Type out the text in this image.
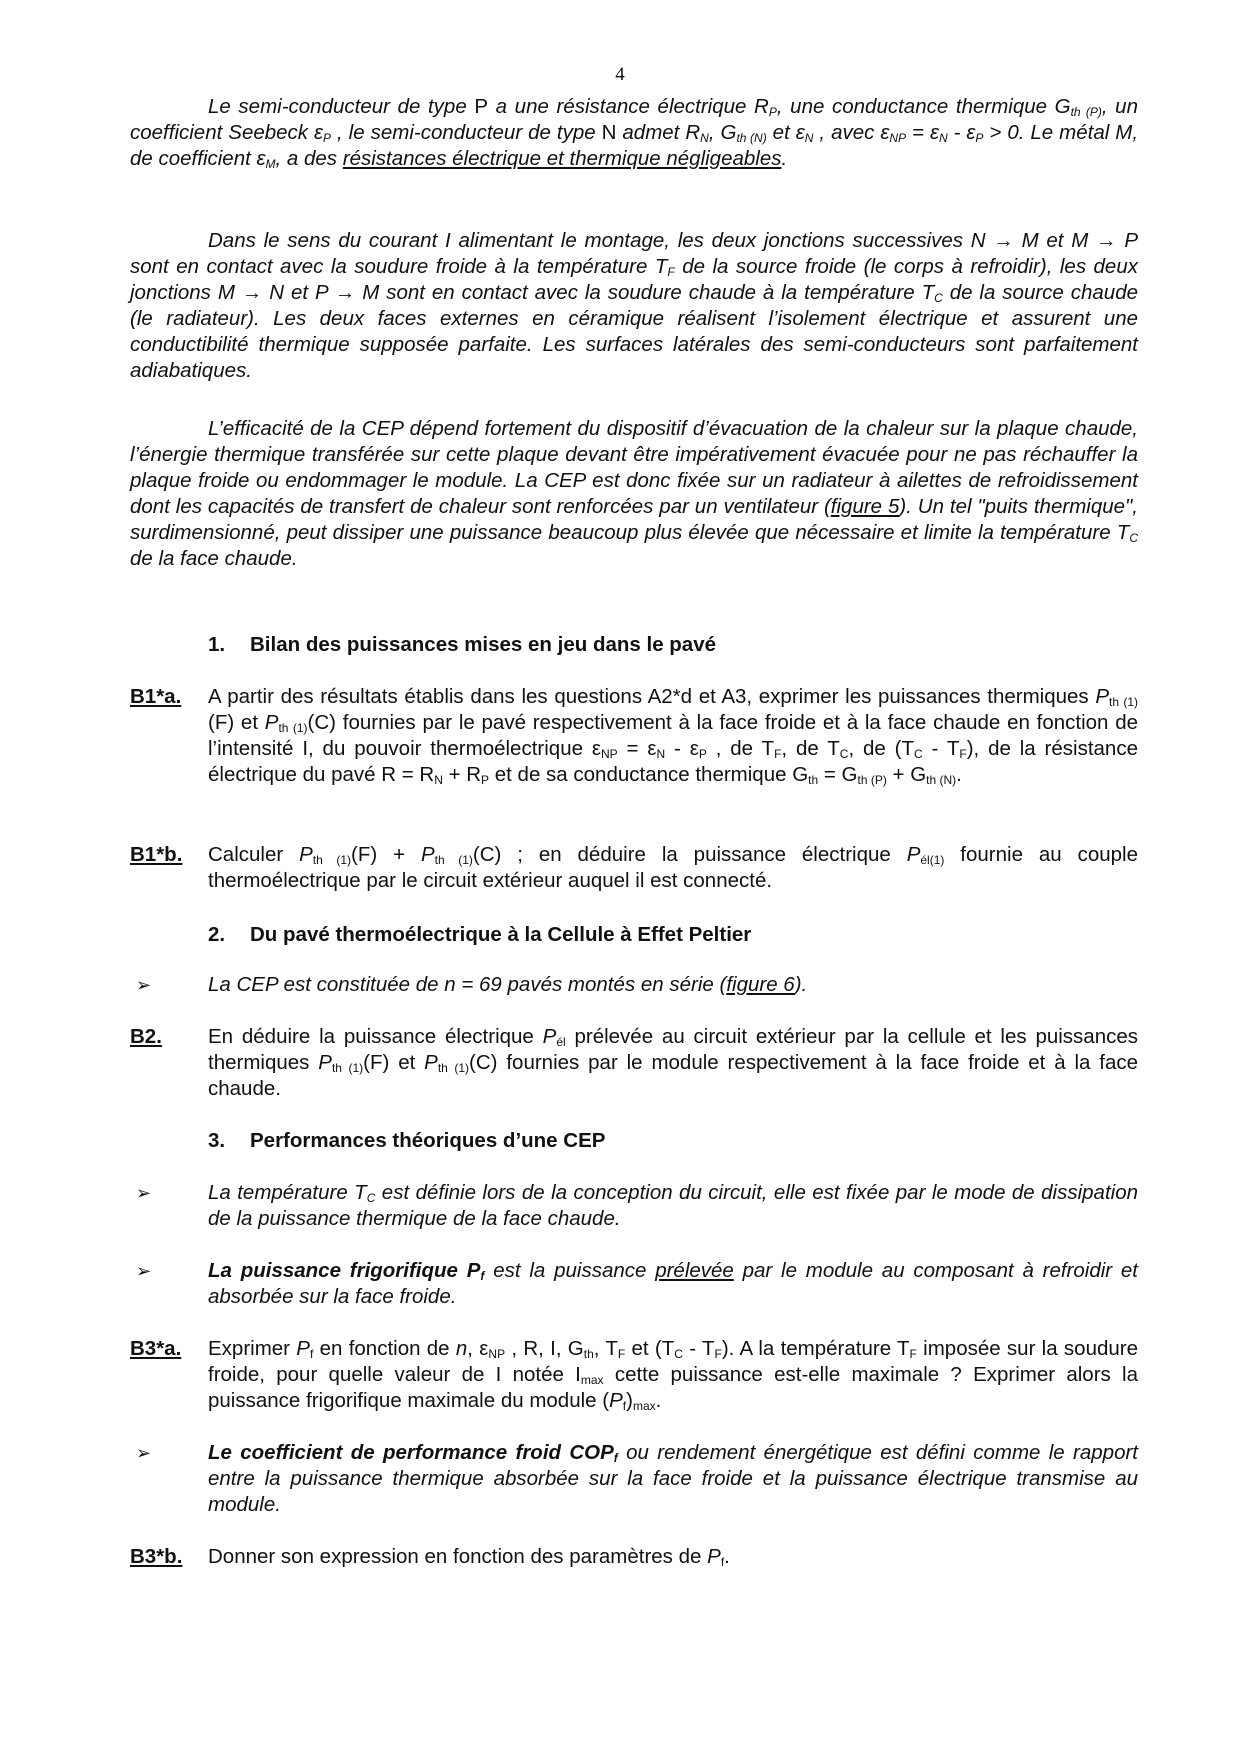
4
Le semi-conducteur de type P a une résistance électrique $R_P$, une conductance thermique $G_{th (P)}$, un coefficient Seebeck $\varepsilon_P$ , le semi-conducteur de type N admet $R_N$, $G_{th (N)}$ et $\varepsilon_N$ , avec $\varepsilon_{NP} = \varepsilon_N - \varepsilon_P > 0$. Le métal M, de coefficient $\varepsilon_M$, a des résistances électrique et thermique négligeables.
Dans le sens du courant I alimentant le montage, les deux jonctions successives N → M et M → P sont en contact avec la soudure froide à la température $T_F$ de la source froide (le corps à refroidir), les deux jonctions M → N et P → M sont en contact avec la soudure chaude à la température $T_C$ de la source chaude (le radiateur). Les deux faces externes en céramique réalisent l’isolement électrique et assurent une conductibilité thermique supposée parfaite. Les surfaces latérales des semi-conducteurs sont parfaitement adiabatiques.
L’efficacité de la CEP dépend fortement du dispositif d’évacuation de la chaleur sur la plaque chaude, l’énergie thermique transférée sur cette plaque devant être impérativement évacuée pour ne pas réchauffer la plaque froide ou endommager le module. La CEP est donc fixée sur un radiateur à ailettes de refroidissement dont les capacités de transfert de chaleur sont renforcées par un ventilateur (figure 5). Un tel "puits thermique", surdimensionné, peut dissiper une puissance beaucoup plus élevée que nécessaire et limite la température $T_C$ de la face chaude.
1. Bilan des puissances mises en jeu dans le pavé
B1*a. A partir des résultats établis dans les questions A2*d et A3, exprimer les puissances thermiques $P_{th (1)}(F)$ et $P_{th (1)}(C)$ fournies par le pavé respectivement à la face froide et à la face chaude en fonction de l’intensité I, du pouvoir thermoélectrique $\varepsilon_{NP} = \varepsilon_N - \varepsilon_P$ , de $T_F$, de $T_C$, de $(T_C - T_F)$, de la résistance électrique du pavé $R = R_N + R_P$ et de sa conductance thermique $G_{th} = G_{th (P)} + G_{th (N)}$.
B1*b. Calculer $P_{th (1)}(F) + P_{th (1)}(C)$ ; en déduire la puissance électrique $P_{él(1)}$ fournie au couple thermoélectrique par le circuit extérieur auquel il est connecté.
2. Du pavé thermoélectrique à la Cellule à Effet Peltier
➢	La CEP est constituée de n = 69 pavés montés en série (figure 6).
B2. En déduire la puissance électrique $P_{él}$ prélevée au circuit extérieur par la cellule et les puissances thermiques $P_{th (1)}(F)$ et $P_{th (1)}(C)$ fournies par le module respectivement à la face froide et à la face chaude.
3. Performances théoriques d’une CEP
➢	La température $T_C$ est définie lors de la conception du circuit, elle est fixée par le mode de dissipation de la puissance thermique de la face chaude.
➢	La puissance frigorifique $P_f$ est la puissance prélevée par le module au composant à refroidir et absorbée sur la face froide.
B3*a. Exprimer $P_f$ en fonction de n, $\varepsilon_{NP}$ , R, I, $G_{th}$, $T_F$ et $(T_C - T_F)$. A la température $T_F$ imposée sur la soudure froide, pour quelle valeur de I notée $I_{max}$ cette puissance est-elle maximale ? Exprimer alors la puissance frigorifique maximale du module $(P_f)_{max}$.
➢	Le coefficient de performance froid $COP_f$ ou rendement énergétique est défini comme le rapport entre la puissance thermique absorbée sur la face froide et la puissance électrique transmise au module.
B3*b. Donner son expression en fonction des paramètres de $P_f$.
